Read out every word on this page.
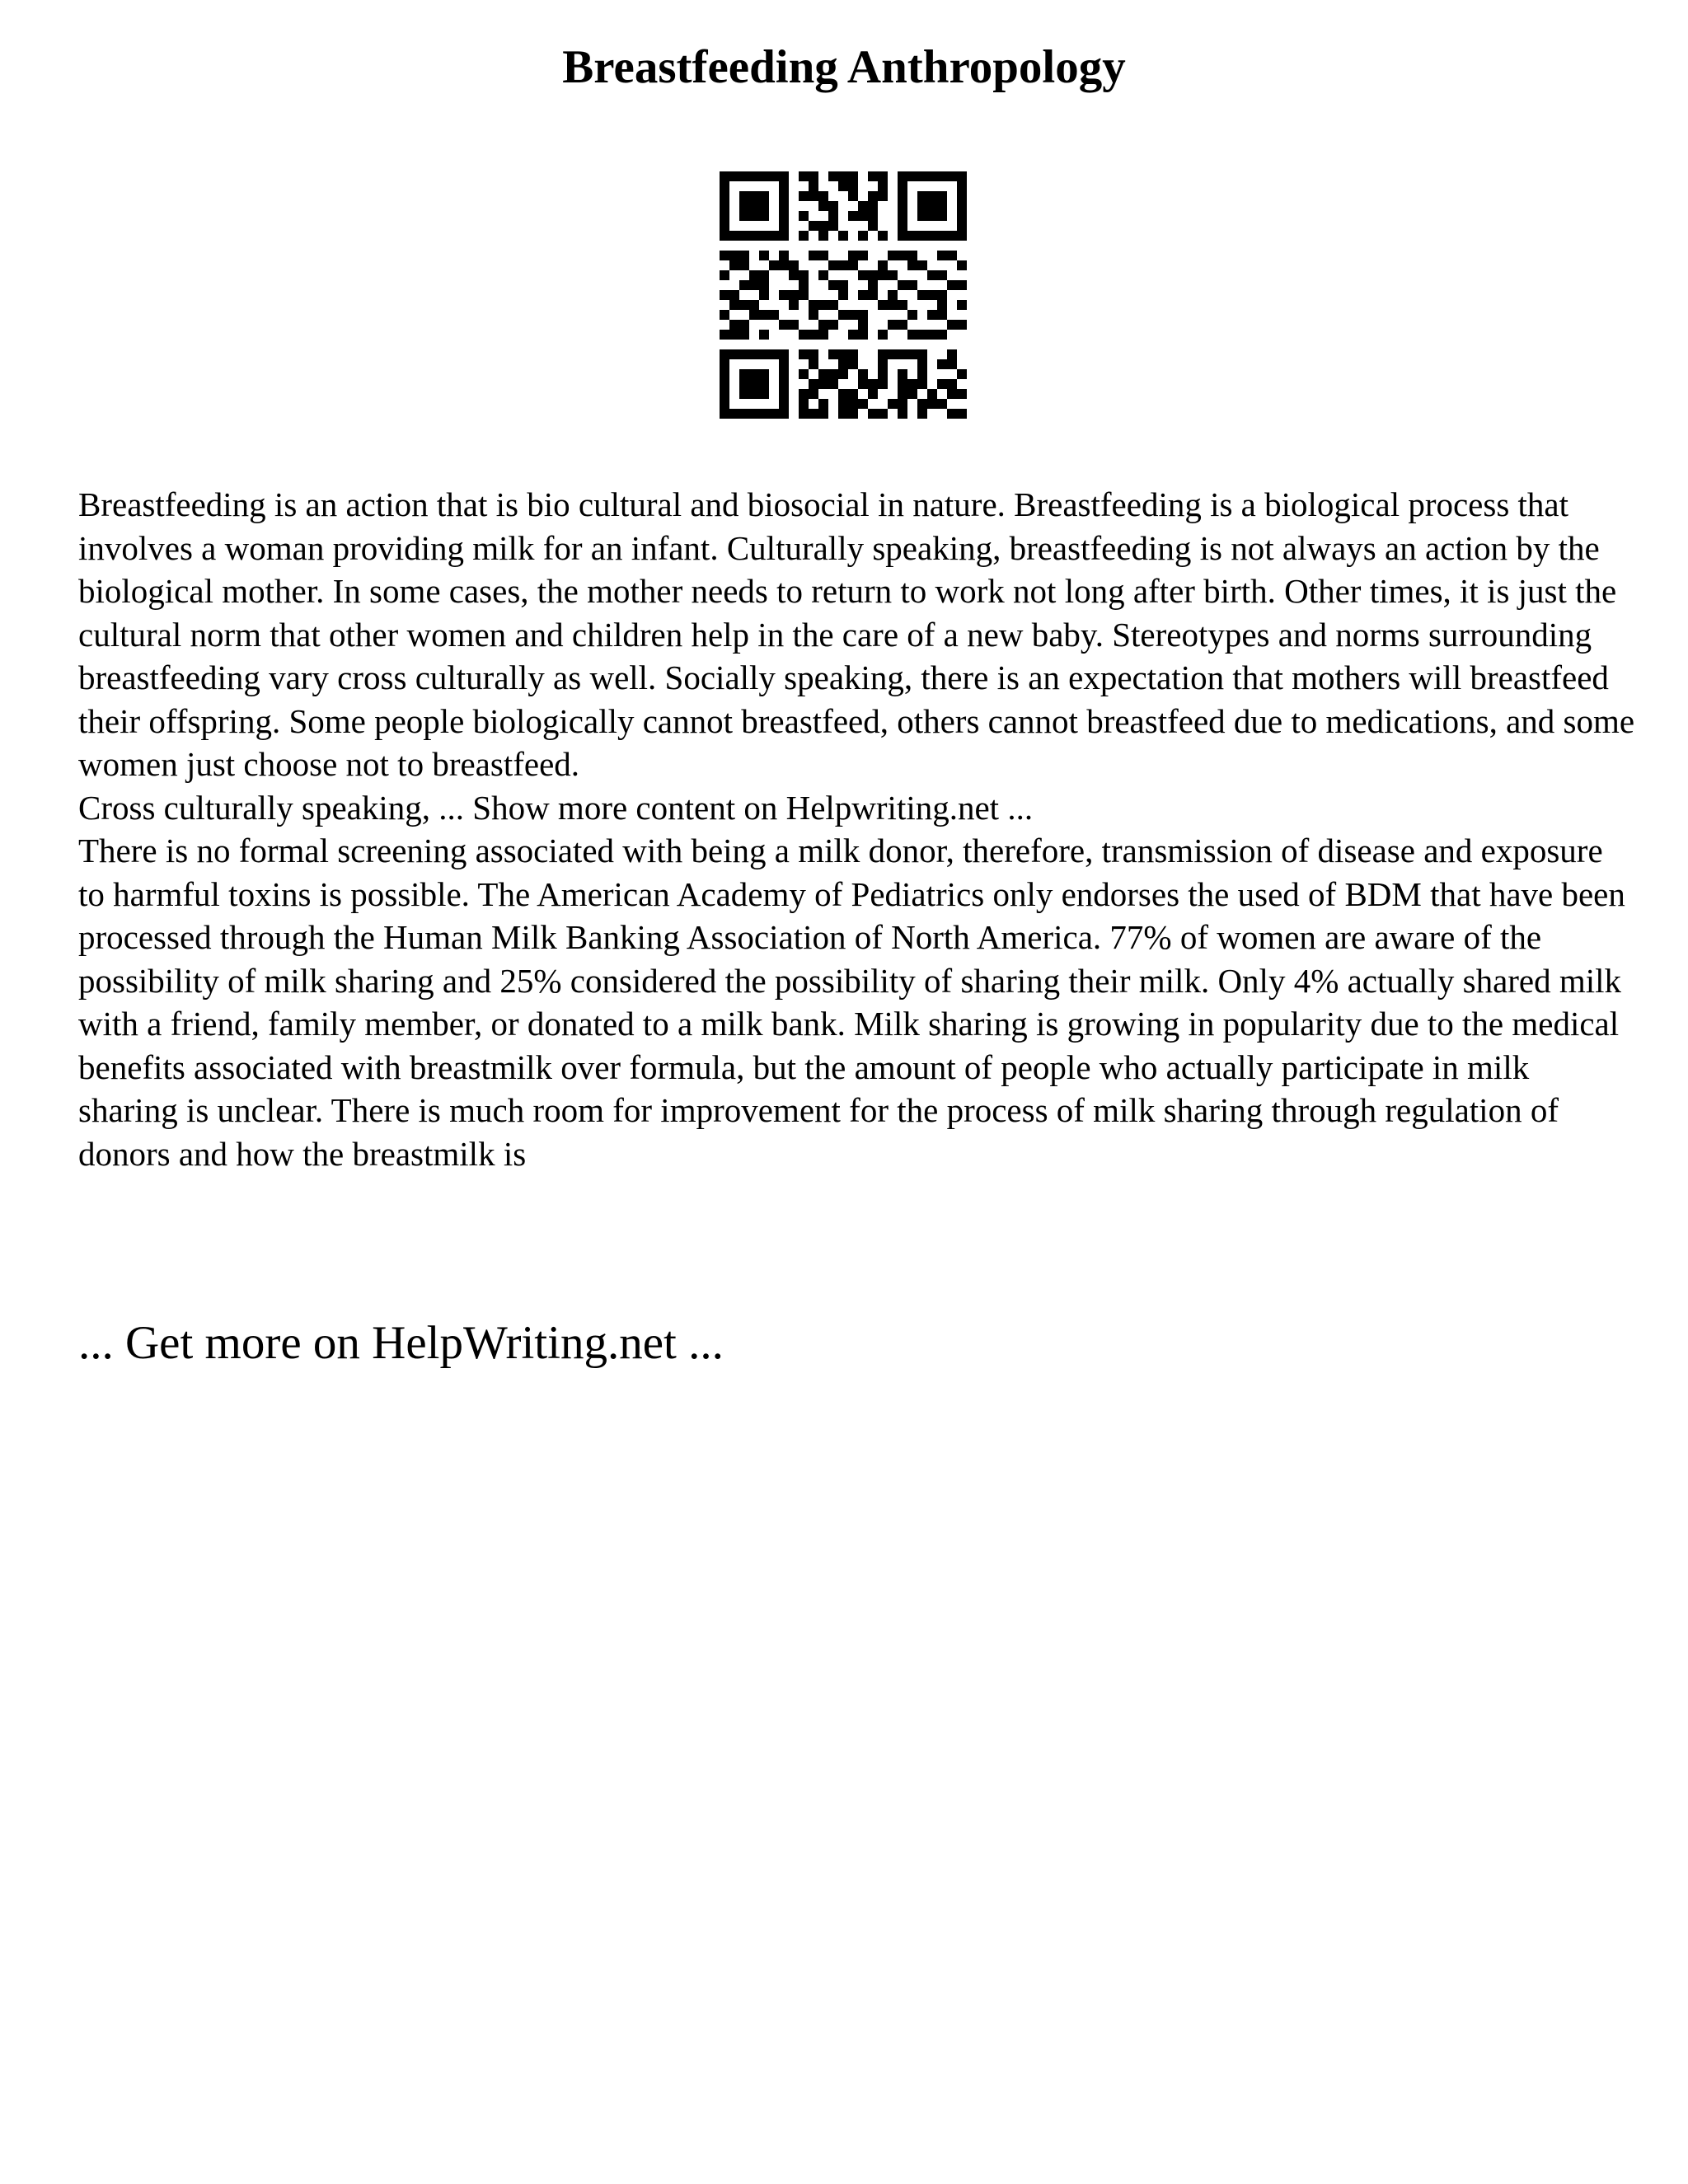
Breastfeeding Anthropology

Breastfeeding is an action that is bio cultural and biosocial in nature. Breastfeeding is a biological process that involves a woman providing milk for an infant. Culturally speaking, breastfeeding is not always an action by the biological mother. In some cases, the mother needs to return to work not long after birth. Other times, it is just the cultural norm that other women and children help in the care of a new baby. Stereotypes and norms surrounding breastfeeding vary cross culturally as well. Socially speaking, there is an expectation that mothers will breastfeed their offspring. Some people biologically cannot breastfeed, others cannot breastfeed due to medications, and some women just choose not to breastfeed.

Cross culturally speaking, ... Show more content on Helpwriting.net ...

There is no formal screening associated with being a milk donor, therefore, transmission of disease and exposure to harmful toxins is possible. The American Academy of Pediatrics only endorses the used of BDM that have been processed through the Human Milk Banking Association of North America. 77% of women are aware of the possibility of milk sharing and 25% considered the possibility of sharing their milk. Only 4% actually shared milk with a friend, family member, or donated to a milk bank. Milk sharing is growing in popularity due to the medical benefits associated with breastmilk over formula, but the amount of people who actually participate in milk sharing is unclear. There is much room for improvement for the process of milk sharing through regulation of donors and how the breastmilk is

... Get more on HelpWriting.net ...
